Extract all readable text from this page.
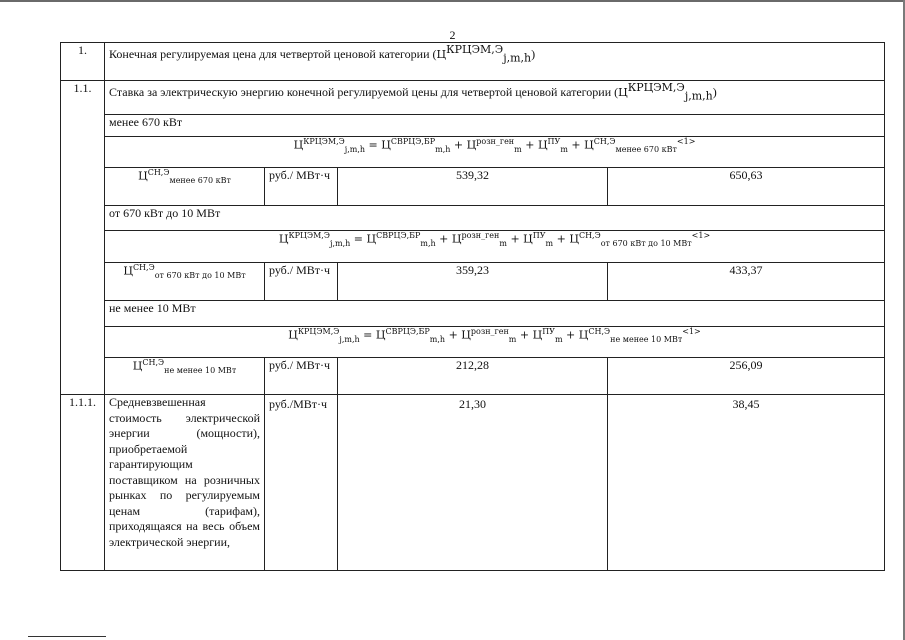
2
1.	Конечная регулируемая цена для четвертой ценовой категории $(Ц^{КРЦЭМ,Э}_{j,m,h})$			
1.1.	Ставка за электрическую энергию конечной регулируемой цены для четвертой ценовой категории $(Ц^{КРЦЭМ,Э}_{j,m,h})$			
	менее 670 кВт			
	$Ц^{КРЦЭМ,Э}_{j,m,h} = Ц^{СВРЦЭ,БР}_{m,h} + Ц^{розн\_ген}_m + Ц^{ПУ}_m + Ц^{СН,Э}_{менее 670 кВт}^{<1>}$
	$Ц^{СН,Э}_{менее 670 кВт}$	руб./ МВт·ч	539,32	650,63
	от 670 кВт до 10 МВт			
	$Ц^{КРЦЭМ,Э}_{j,m,h} = Ц^{СВРЦЭ,БР}_{m,h} + Ц^{розн\_ген}_m + Ц^{ПУ}_m + Ц^{СН,Э}_{от 670 кВт до 10 МВт}^{<1>}$
	$Ц^{СН,Э}_{от 670 кВт до 10 МВт}$	руб./ МВт·ч	359,23	433,37
	не менее 10 МВт			
	$Ц^{КРЦЭМ,Э}_{j,m,h} = Ц^{СВРЦЭ,БР}_{m,h} + Ц^{розн\_ген}_m + Ц^{ПУ}_m + Ц^{СН,Э}_{не менее 10 МВт}^{<1>}$
	$Ц^{СН,Э}_{не менее 10 МВт}$	руб./ МВт·ч	212,28	256,09
1.1.1.	Средневзвешенная стоимость электрической энергии (мощности), приобретаемой гарантирующим поставщиком на розничных рынках по регулируемым ценам (тарифам), приходящаяся на весь объем электрической энергии,	руб./МВт·ч	21,30	38,45
